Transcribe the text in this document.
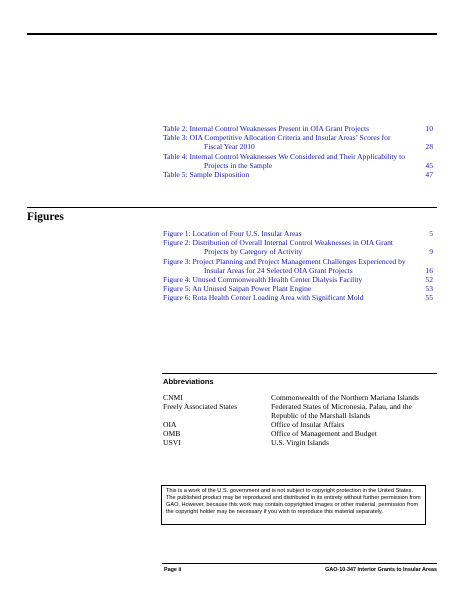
Table 2: Internal Control Weaknesses Present in OIA Grant Projects	10
Table 3: OIA Competitive Allocation Criteria and Insular Areas’ Scores for Fiscal Year 2010	28
Table 4: Internal Control Weaknesses We Considered and Their Applicability to Projects in the Sample	45
Table 5: Sample Disposition	47
Figures
Figure 1: Location of Four U.S. Insular Areas	5
Figure 2: Distribution of Overall Internal Control Weaknesses in OIA Grant Projects by Category of Activity	9
Figure 3: Project Planning and Project Management Challenges Experienced by Insular Areas for 24 Selected OIA Grant Projects	16
Figure 4: Unused Commonwealth Health Center Dialysis Facility	52
Figure 5: An Unused Saipan Power Plant Engine	53
Figure 6: Rota Health Center Loading Area with Significant Mold	55
Abbreviations
CNMI	Commonwealth of the Northern Mariana Islands
Freely Associated States	Federated States of Micronesia, Palau, and the Republic of the Marshall Islands
OIA	Office of Insular Affairs
OMB	Office of Management and Budget
USVI	U.S. Virgin Islands
This is a work of the U.S. government and is not subject to copyright protection in the United States. The published product may be reproduced and distributed in its entirety without further permission from GAO. However, because this work may contain copyrighted images or other material, permission from the copyright holder may be necessary if you wish to reproduce this material separately.
Page ii	GAO-10-347 Interior Grants to Insular Areas
